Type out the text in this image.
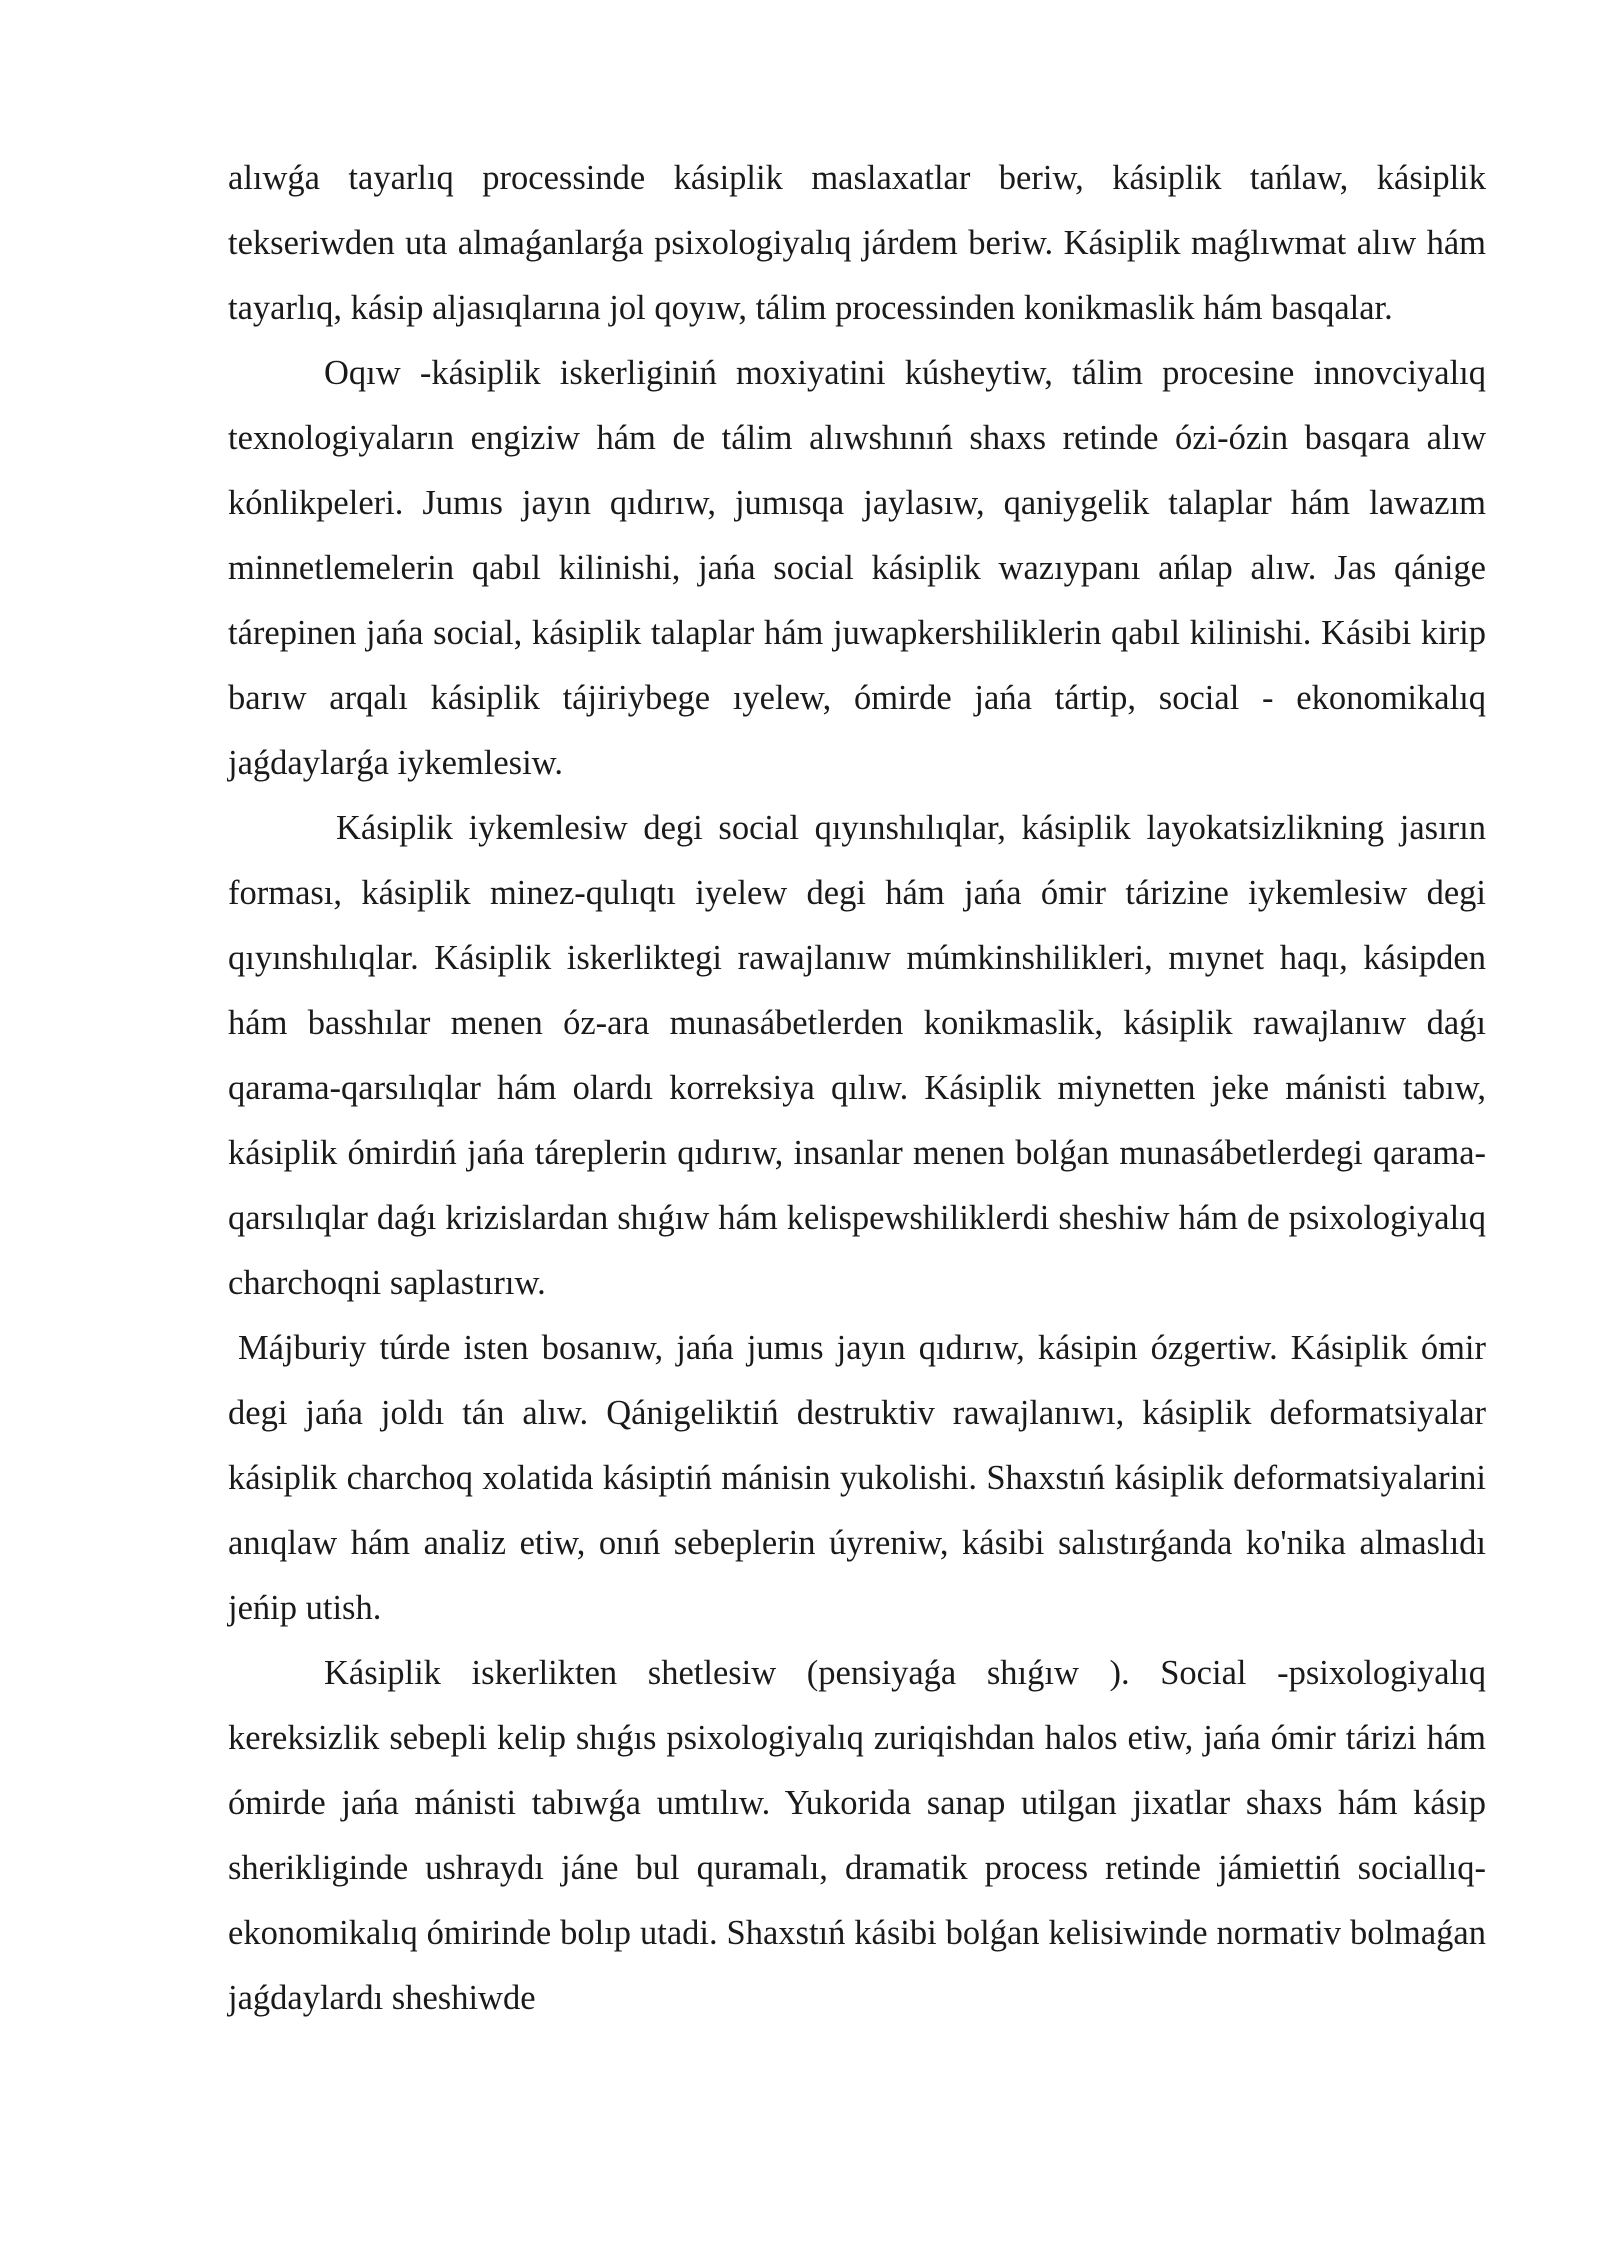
alıwǵa tayarlıq processinde kásiplik maslaxatlar beriw, kásiplik tańlaw, kásiplik tekseriwden uta almaǵanlarǵa psixologiyalıq járdem beriw. Kásiplik maǵlıwmat alıw hám tayarlıq, kásip aljasıqlarına jol qoyıw, tálim processinden konikmaslik hám basqalar.

Oqıw -kásiplik iskerliginiń moxiyatini kúsheytiw, tálim procesine innovciyalıq texnologiyaların engiziw hám de tálim alıwshınıń shaxs retinde ózi-ózin basqara alıw kónlikpeleri. Jumıs jayın qıdırıw, jumısqa jaylasıw, qaniygelik talaplar hám lawazım minnetlemelerin qabıl kilinishi, jańa social kásiplik wazıypanı ańlap alıw. Jas qánige tárepinen jańa social, kásiplik talaplar hám juwapkershiliklerin qabıl kilinishi. Kásibi kirip barıw arqalı kásiplik tájiriybege ıyelew, ómirde jańa tártip, social - ekonomikalıq jaǵdaylarǵa iykemlesiw.

Kásiplik iykemlesiw degi social qıyınshılıqlar, kásiplik layokatsizlikning jasırın forması, kásiplik minez-qulıqtı iyelew degi hám jańa ómir tárizine iykemlesiw degi qıyınshılıqlar. Kásiplik iskerliktegi rawajlanıw múmkinshilikleri, mıynet haqı, kásipden hám basshılar menen óz-ara munasábetlerden konikmaslik, kásiplik rawajlanıw daǵı qarama-qarsılıqlar hám olardı korreksiya qılıw. Kásiplik miynetten jeke mánisti tabıw, kásiplik ómirdiń jańa táreplerin qıdırıw, insanlar menen bolǵan munasábetlerdegi qarama-qarsılıqlar daǵı krizislardan shıǵıw hám kelispewshiliklerdi sheshiw hám de psixologiyalıq charchoqni saplastırıw.

Májburiy túrde isten bosanıw, jańa jumıs jayın qıdırıw, kásipin ózgertiw. Kásiplik ómir degi jańa joldı tán alıw. Qánigeliktiń destruktiv rawajlanıwı, kásiplik deformatsiyalar kásiplik charchoq xolatida kásiptiń mánisin yukolishi. Shaxstıń kásiplik deformatsiyalarini anıqlaw hám analiz etiw, onıń sebeplerin úyreniw, kásibi salıstırǵanda ko'nika almaslıdı jeńip utish.

Kásiplik iskerlikten shetlesiw (pensiyaǵa shıǵıw ). Social -psixologiyalıq kereksizlik sebepli kelip shıǵıs psixologiyalıq zuriqishdan halos etiw, jańa ómir tárizi hám ómirde jańa mánisti tabıwǵa umtılıw. Yukorida sanap utilgan jixatlar shaxs hám kásip sherikliginde ushraydı jáne bul quramalı, dramatik process retinde jámiettiń sociallıq-ekonomikalıq ómirinde bolıp utadi. Shaxstıń kásibi bolǵan kelisiwinde normativ bolmaǵan jaǵdaylardı sheshiwde
